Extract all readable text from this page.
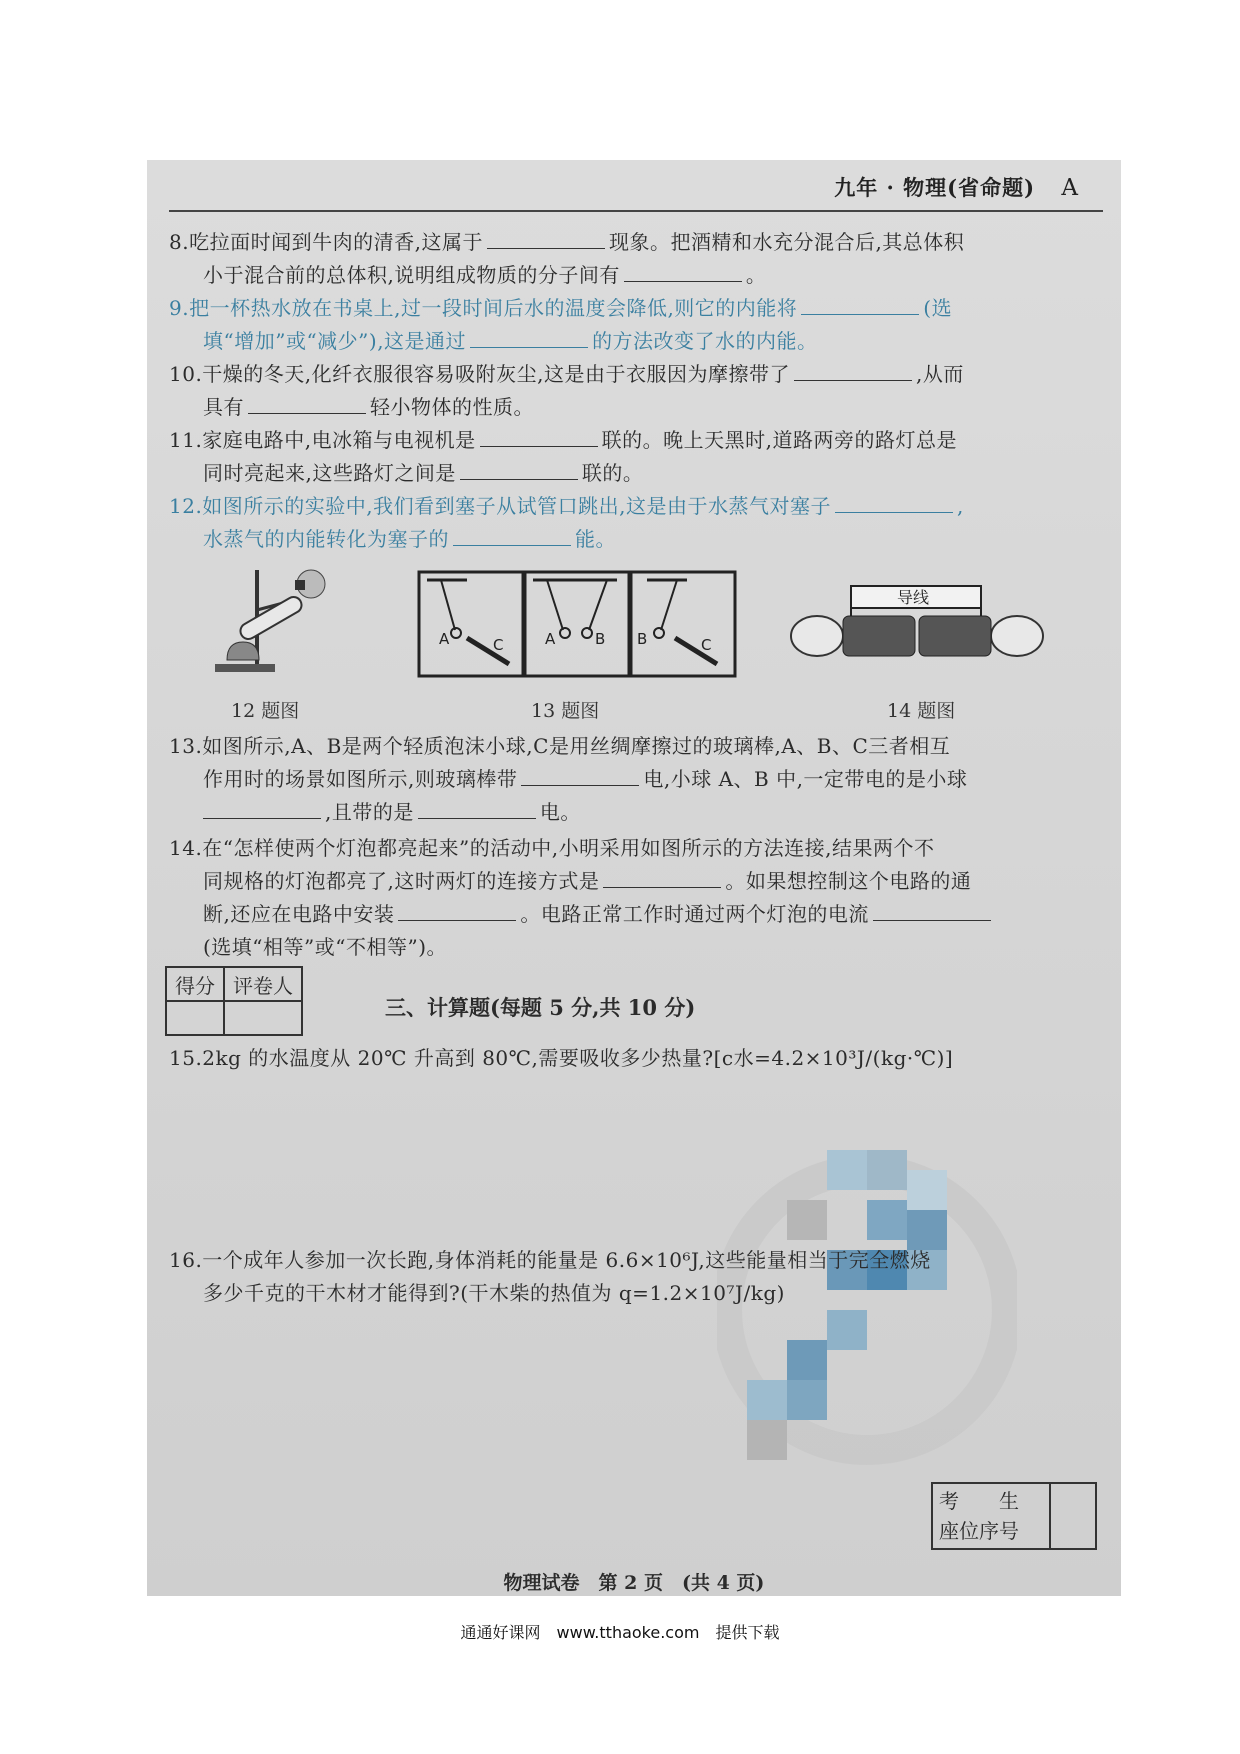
九年 · 物理(省命题) A
8.吃拉面时闻到牛肉的清香,这属于	现象。把酒精和水充分混合后,其总体积
小于混合前的总体积,说明组成物质的分子间有	。
9.把一杯热水放在书桌上,过一段时间后水的温度会降低,则它的内能将	(选
填“增加”或“减少”),这是通过	的方法改变了水的内能。
10.干燥的冬天,化纤衣服很容易吸附灰尘,这是由于衣服因为摩擦带了	,从而
具有	轻小物体的性质。
11.家庭电路中,电冰箱与电视机是	联的。晚上天黑时,道路两旁的路灯总是
同时亮起来,这些路灯之间是	联的。
12.如图所示的实验中,我们看到塞子从试管口跳出,这是由于水蒸气对塞子	,
水蒸气的内能转化为塞子的	能。
A	C	A	B B	C
导线
12 题图	13 题图	14 题图
13.如图所示,A、B是两个轻质泡沫小球,C是用丝绸摩擦过的玻璃棒,A、B、C三者相互
作用时的场景如图所示,则玻璃棒带	电,小球 A、B 中,一定带电的是小球
,且带的是	电。
14.在“怎样使两个灯泡都亮起来”的活动中,小明采用如图所示的方法连接,结果两个不
同规格的灯泡都亮了,这时两灯的连接方式是	。如果想控制这个电路的通
断,还应在电路中安装	。电路正常工作时通过两个灯泡的电流
(选填“相等”或“不相等”)。
得分	评卷人

三、计算题(每题 5 分,共 10 分)
15.2kg 的水温度从 20℃ 升高到 80℃,需要吸收多少热量?[c水=4.2×10³J/(kg·℃)]
16.一个成年人参加一次长跑,身体消耗的能量是 6.6×10⁶J,这些能量相当于完全燃烧
多少千克的干木材才能得到?(干木柴的热值为 q=1.2×10⁷J/kg)
考　　生
座位序号
物理试卷　第 2 页　(共 4 页)
通通好课网　www.tthaoke.com　提供下载
